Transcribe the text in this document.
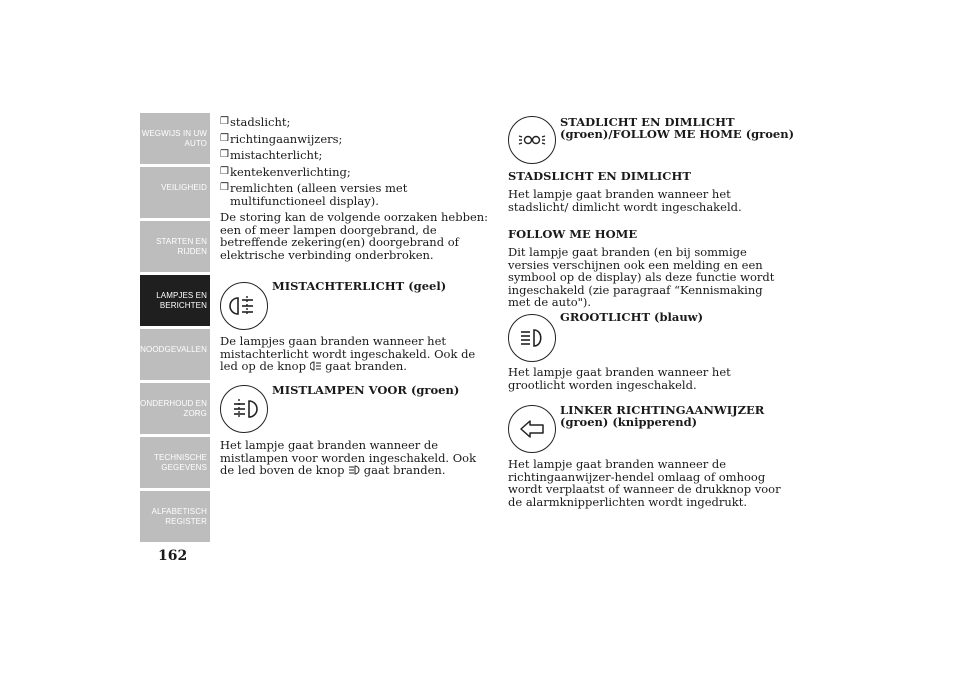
WEGWIJS IN UW
AUTO
VEILIGHEID
STARTEN EN
RIJDEN
LAMPJES EN
BERICHTEN
NOODGEVALLEN
ONDERHOUD EN
ZORG
TECHNISCHE
GEGEVENS
ALFABETISCH
REGISTER
162
❒ stadslicht;
❒ richtingaanwijzers;
❒ mistachterlicht;
❒ kentekenverlichting;
❒ remlichten (alleen versies met multifunctioneel display).

De storing kan de volgende oorzaken hebben: een of meer lampen doorgebrand, de betreffende zekering(en) doorgebrand of elektrische verbinding onderbroken.

MISTACHTERLICHT (geel)
De lampjes gaan branden wanneer het mistachterlicht wordt ingeschakeld. Ook de led op de knop gaat branden.
MISTLAMPEN VOOR (groen)
Het lampje gaat branden wanneer de mistlampen voor worden ingeschakeld. Ook de led boven de knop gaat branden.
STADLICHT EN DIMLICHT
(groen)/FOLLOW ME HOME (groen)
STADSLICHT EN DIMLICHT
Het lampje gaat branden wanneer het stadslicht/ dimlicht wordt ingeschakeld.
FOLLOW ME HOME
Dit lampje gaat branden (en bij sommige versies verschijnen ook een melding en een symbool op de display) als deze functie wordt ingeschakeld (zie paragraaf “Kennismaking met de auto").
GROOTLICHT (blauw)
Het lampje gaat branden wanneer het grootlicht worden ingeschakeld.
LINKER RICHTINGAANWIJZER
(groen) (knipperend)
Het lampje gaat branden wanneer de richtingaanwijzer-hendel omlaag of omhoog wordt verplaatst of wanneer de drukknop voor de alarmknipperlichten wordt ingedrukt.
